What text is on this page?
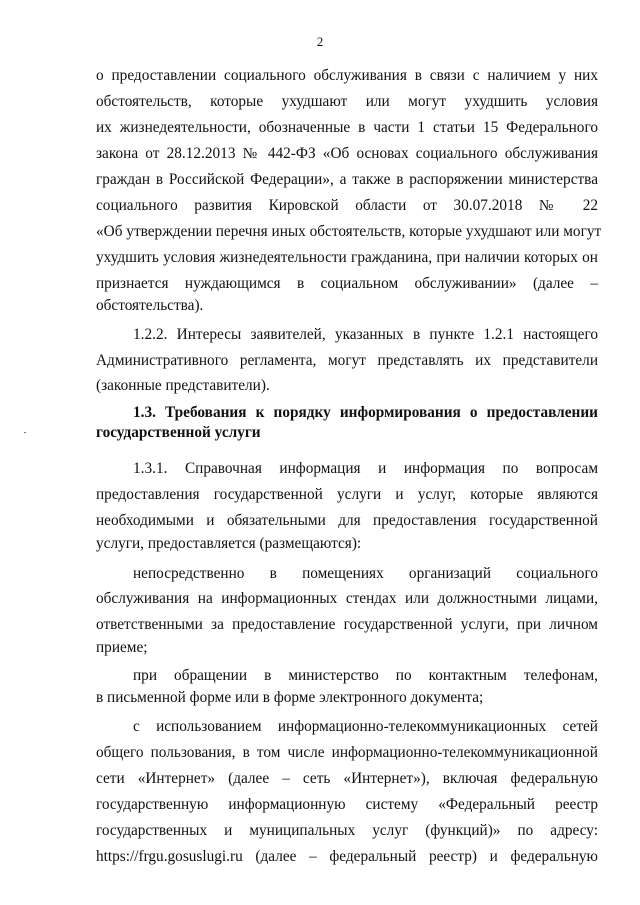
2
о предоставлении социального обслуживания в связи с наличием у них
обстоятельств, которые ухудшают или могут ухудшить условия
их жизнедеятельности, обозначенные в части 1 статьи 15 Федерального
закона от 28.12.2013 № 442-ФЗ «Об основах социального обслуживания
граждан в Российской Федерации», а также в распоряжении министерства
социального развития Кировской области от 30.07.2018 № 22
«Об утверждении перечня иных обстоятельств, которые ухудшают или могут
ухудшить условия жизнедеятельности гражданина, при наличии которых он
признается нуждающимся в социальном обслуживании» (далее –
обстоятельства).
1.2.2. Интересы заявителей, указанных в пункте 1.2.1 настоящего
Административного регламента, могут представлять их представители
(законные представители).
1.3. Требования к порядку информирования о предоставлении
государственной услуги
1.3.1. Справочная информация и информация по вопросам
предоставления государственной услуги и услуг, которые являются
необходимыми и обязательными для предоставления государственной
услуги, предоставляется (размещаются):
непосредственно в помещениях организаций социального
обслуживания на информационных стендах или должностными лицами,
ответственными за предоставление государственной услуги, при личном
приеме;
при обращении в министерство по контактным телефонам,
в письменной форме или в форме электронного документа;
с использованием информационно-телекоммуникационных сетей
общего пользования, в том числе информационно-телекоммуникационной
сети «Интернет» (далее – сеть «Интернет»), включая федеральную
государственную информационную систему «Федеральный реестр
государственных и муниципальных услуг (функций)» по адресу:
https://frgu.gosuslugi.ru (далее – федеральный реестр) и федеральную
